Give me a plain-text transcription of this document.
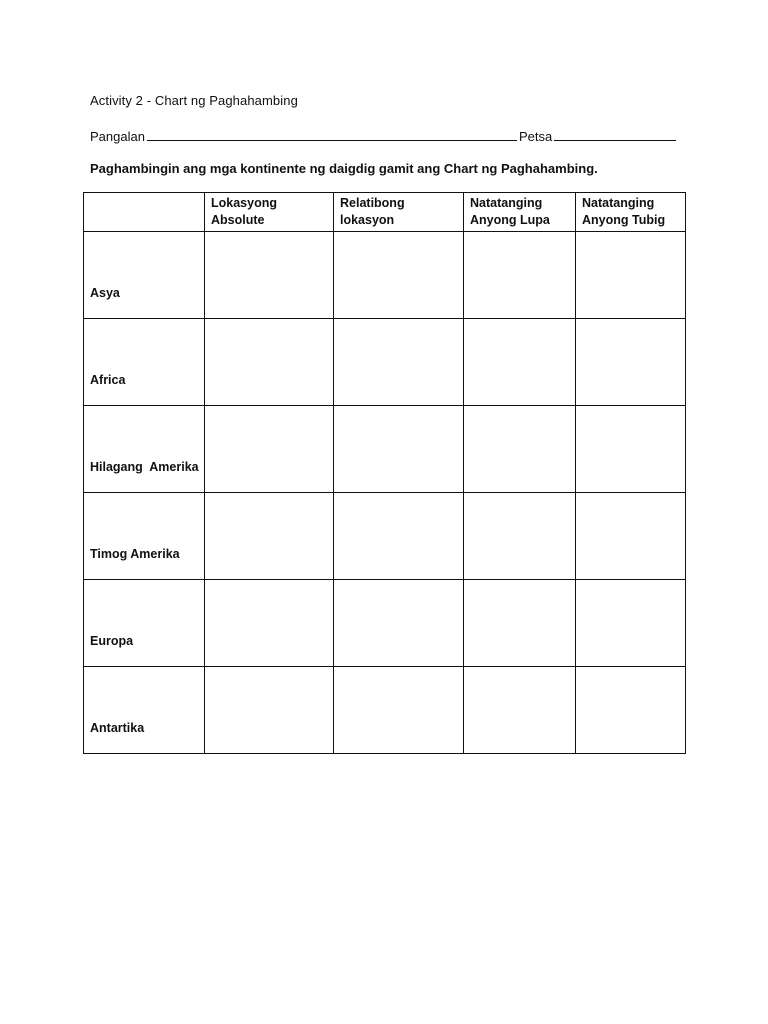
Activity 2 - Chart ng Paghahambing
Pangalan	Petsa
Paghambingin ang mga kontinente ng daigdig gamit ang Chart ng Paghahambing.

	Lokasyong Absolute	Relatibong lokasyon	Natatanging Anyong Lupa	Natatanging Anyong Tubig

Asya				

Africa				

Hilagang  Amerika				

Timog Amerika				

Europa				

Antartika				
